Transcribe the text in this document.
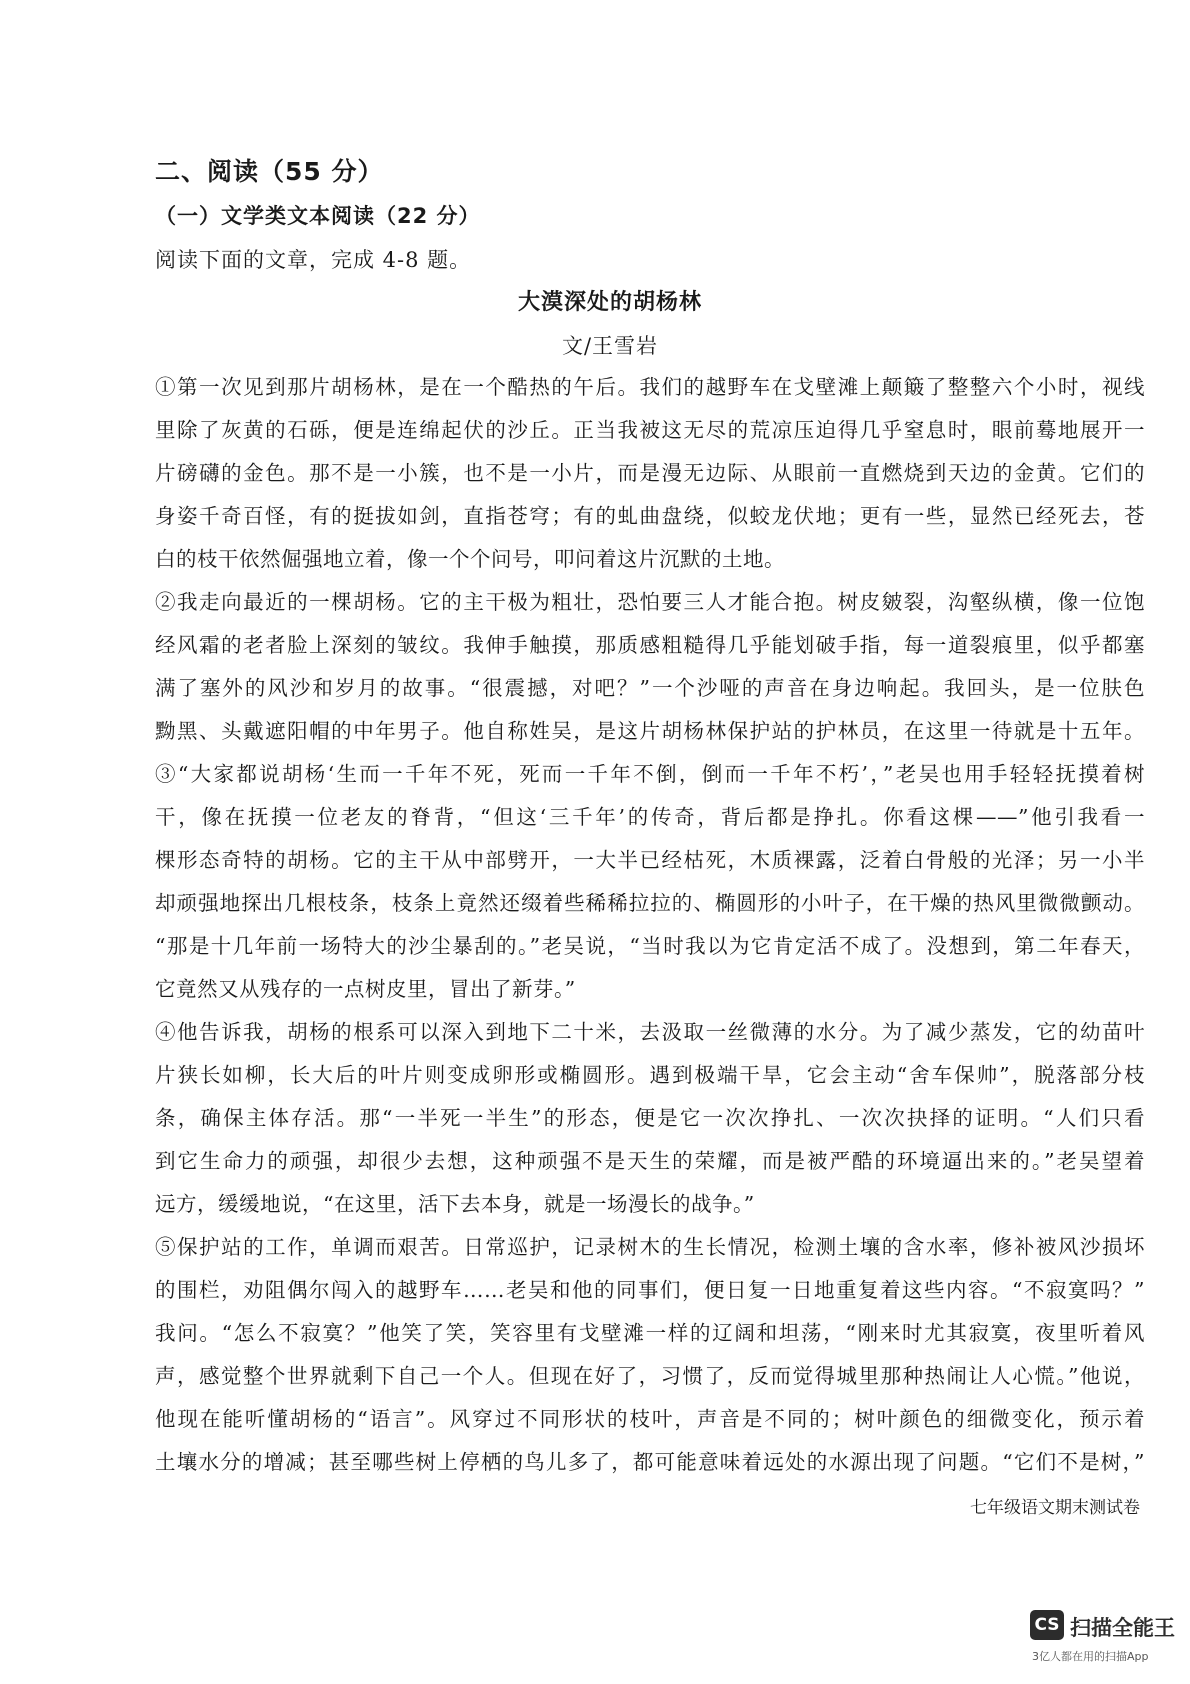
二、阅读（55 分）
（一）文学类文本阅读（22 分）
阅读下面的文章，完成 4-8 题。
大漠深处的胡杨林
文/王雪岩
①第一次见到那片胡杨林，是在一个酷热的午后。我们的越野车在戈壁滩上颠簸了整整六个小时，视线
里除了灰黄的石砾，便是连绵起伏的沙丘。正当我被这无尽的荒凉压迫得几乎窒息时，眼前蓦地展开一
片磅礴的金色。那不是一小簇，也不是一小片，而是漫无边际、从眼前一直燃烧到天边的金黄。它们的
身姿千奇百怪，有的挺拔如剑，直指苍穹；有的虬曲盘绕，似蛟龙伏地；更有一些，显然已经死去，苍
白的枝干依然倔强地立着，像一个个问号，叩问着这片沉默的土地。
②我走向最近的一棵胡杨。它的主干极为粗壮，恐怕要三人才能合抱。树皮皴裂，沟壑纵横，像一位饱
经风霜的老者脸上深刻的皱纹。我伸手触摸，那质感粗糙得几乎能划破手指，每一道裂痕里，似乎都塞
满了塞外的风沙和岁月的故事。“很震撼，对吧？”一个沙哑的声音在身边响起。我回头，是一位肤色
黝黑、头戴遮阳帽的中年男子。他自称姓吴，是这片胡杨林保护站的护林员，在这里一待就是十五年。
③“大家都说胡杨‘生而一千年不死，死而一千年不倒，倒而一千年不朽’，”老吴也用手轻轻抚摸着树
干，像在抚摸一位老友的脊背，“但这‘三千年’的传奇，背后都是挣扎。你看这棵——”他引我看一
棵形态奇特的胡杨。它的主干从中部劈开，一大半已经枯死，木质裸露，泛着白骨般的光泽；另一小半
却顽强地探出几根枝条，枝条上竟然还缀着些稀稀拉拉的、椭圆形的小叶子，在干燥的热风里微微颤动。
“那是十几年前一场特大的沙尘暴刮的。”老吴说，“当时我以为它肯定活不成了。没想到，第二年春天，
它竟然又从残存的一点树皮里，冒出了新芽。”
④他告诉我，胡杨的根系可以深入到地下二十米，去汲取一丝微薄的水分。为了减少蒸发，它的幼苗叶
片狭长如柳，长大后的叶片则变成卵形或椭圆形。遇到极端干旱，它会主动“舍车保帅”，脱落部分枝
条，确保主体存活。那“一半死一半生”的形态，便是它一次次挣扎、一次次抉择的证明。“人们只看
到它生命力的顽强，却很少去想，这种顽强不是天生的荣耀，而是被严酷的环境逼出来的。”老吴望着
远方，缓缓地说，“在这里，活下去本身，就是一场漫长的战争。”
⑤保护站的工作，单调而艰苦。日常巡护，记录树木的生长情况，检测土壤的含水率，修补被风沙损坏
的围栏，劝阻偶尔闯入的越野车……老吴和他的同事们，便日复一日地重复着这些内容。“不寂寞吗？”
我问。“怎么不寂寞？”他笑了笑，笑容里有戈壁滩一样的辽阔和坦荡，“刚来时尤其寂寞，夜里听着风
声，感觉整个世界就剩下自己一个人。但现在好了，习惯了，反而觉得城里那种热闹让人心慌。”他说，
他现在能听懂胡杨的“语言”。风穿过不同形状的枝叶，声音是不同的；树叶颜色的细微变化，预示着
土壤水分的增减；甚至哪些树上停栖的鸟儿多了，都可能意味着远处的水源出现了问题。“它们不是树，”
七年级语文期末测试卷
CS 扫描全能王
3亿人都在用的扫描App
